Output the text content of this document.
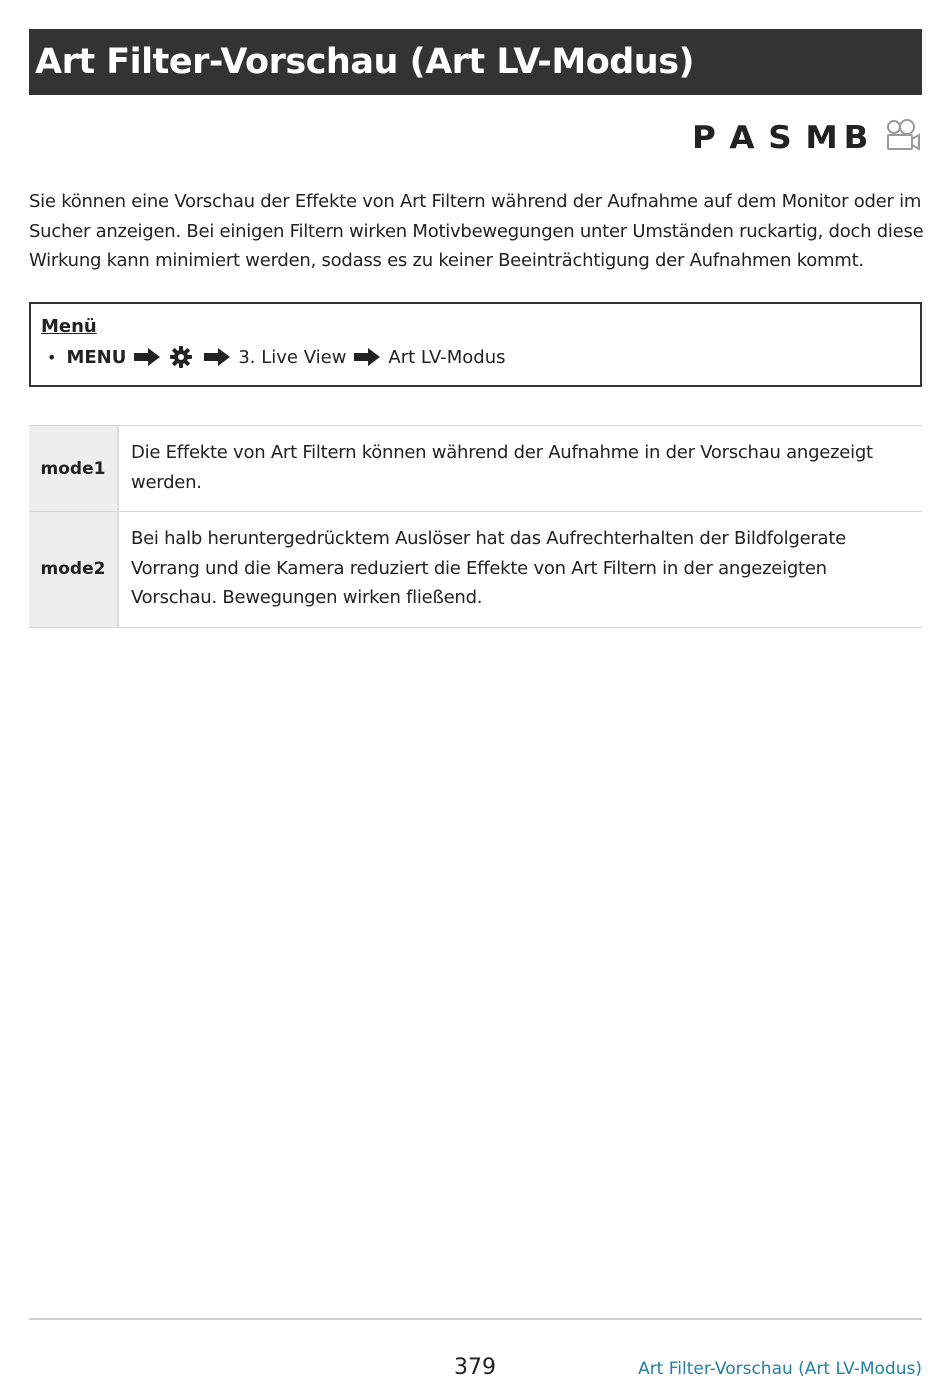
Art Filter-Vorschau (Art LV-Modus)
P A S M B

Sie können eine Vorschau der Effekte von Art Filtern während der Aufnahme auf dem Monitor oder im Sucher anzeigen. Bei einigen Filtern wirken Motivbewegungen unter Umständen ruckartig, doch diese Wirkung kann minimiert werden, sodass es zu keiner Beeinträchtigung der Aufnahmen kommt.

Menü
• MENU	3. Live View Art LV-Modus
mode1	Die Effekte von Art Filtern können während der Aufnahme in der Vorschau angezeigt werden.
mode2	Bei halb heruntergedrücktem Auslöser hat das Aufrechterhalten der Bildfolgerate Vorrang und die Kamera reduziert die Effekte von Art Filtern in der angezeigten Vorschau. Bewegungen wirken fließend.
379	Art Filter-Vorschau (Art LV-Modus)
